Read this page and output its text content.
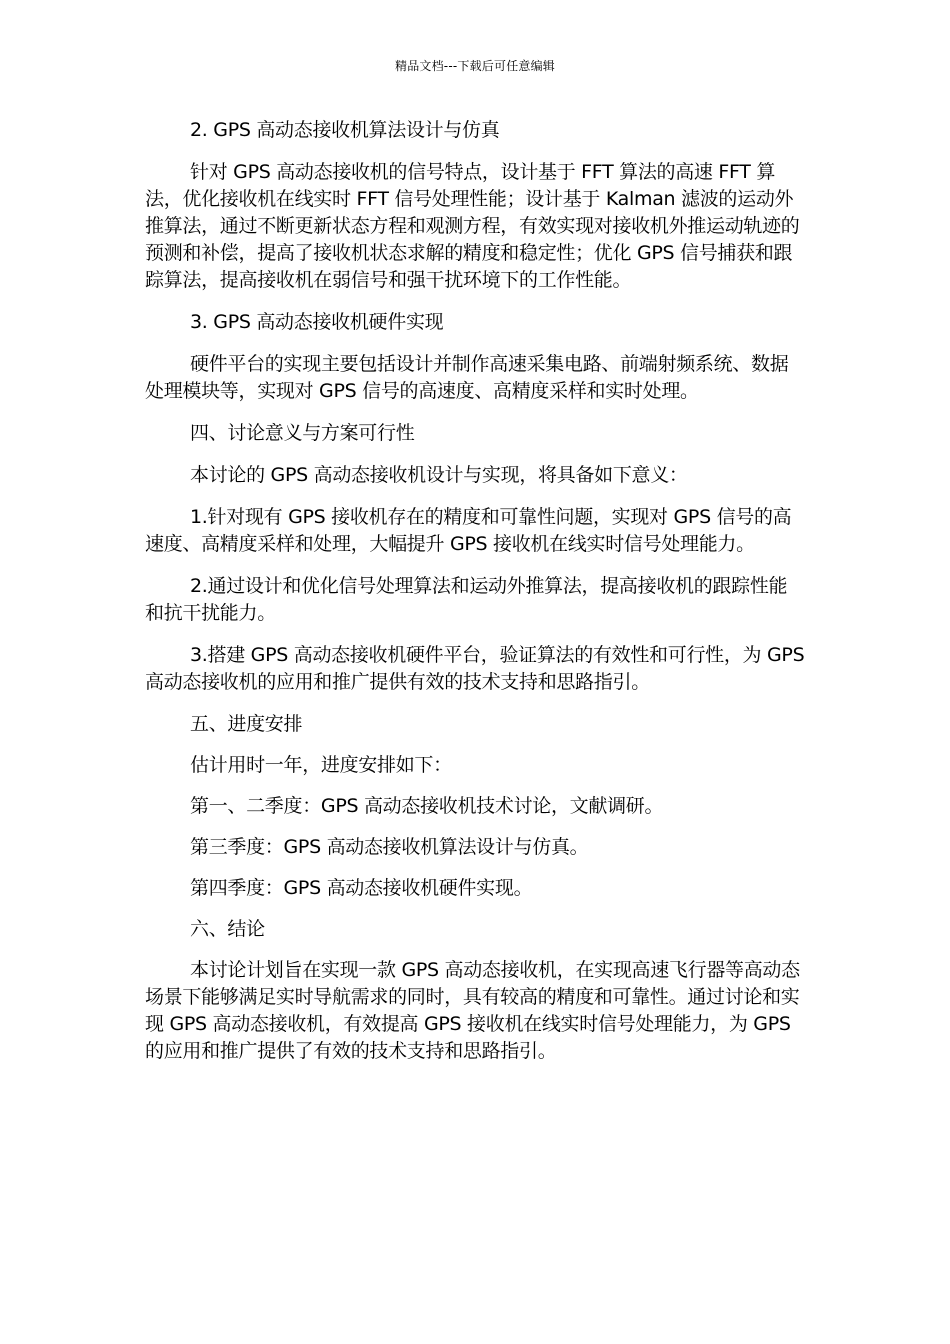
精品文档---下载后可任意编辑

2. GPS 高动态接收机算法设计与仿真

针对 GPS 高动态接收机的信号特点，设计基于 FFT 算法的高速 FFT 算法，优化接收机在线实时 FFT 信号处理性能；设计基于 Kalman 滤波的运动外推算法，通过不断更新状态方程和观测方程，有效实现对接收机外推运动轨迹的预测和补偿，提高了接收机状态求解的精度和稳定性；优化 GPS 信号捕获和跟踪算法，提高接收机在弱信号和强干扰环境下的工作性能。

3. GPS 高动态接收机硬件实现

硬件平台的实现主要包括设计并制作高速采集电路、前端射频系统、数据处理模块等，实现对 GPS 信号的高速度、高精度采样和实时处理。

四、讨论意义与方案可行性

本讨论的 GPS 高动态接收机设计与实现，将具备如下意义：

1.针对现有 GPS 接收机存在的精度和可靠性问题，实现对 GPS 信号的高速度、高精度采样和处理，大幅提升 GPS 接收机在线实时信号处理能力。

2.通过设计和优化信号处理算法和运动外推算法，提高接收机的跟踪性能和抗干扰能力。

3.搭建 GPS 高动态接收机硬件平台，验证算法的有效性和可行性，为 GPS 高动态接收机的应用和推广提供有效的技术支持和思路指引。

五、进度安排

估计用时一年，进度安排如下：

第一、二季度：GPS 高动态接收机技术讨论，文献调研。

第三季度：GPS 高动态接收机算法设计与仿真。

第四季度：GPS 高动态接收机硬件实现。

六、结论

本讨论计划旨在实现一款 GPS 高动态接收机，在实现高速飞行器等高动态场景下能够满足实时导航需求的同时，具有较高的精度和可靠性。通过讨论和实现 GPS 高动态接收机，有效提高 GPS 接收机在线实时信号处理能力，为 GPS 的应用和推广提供了有效的技术支持和思路指引。
